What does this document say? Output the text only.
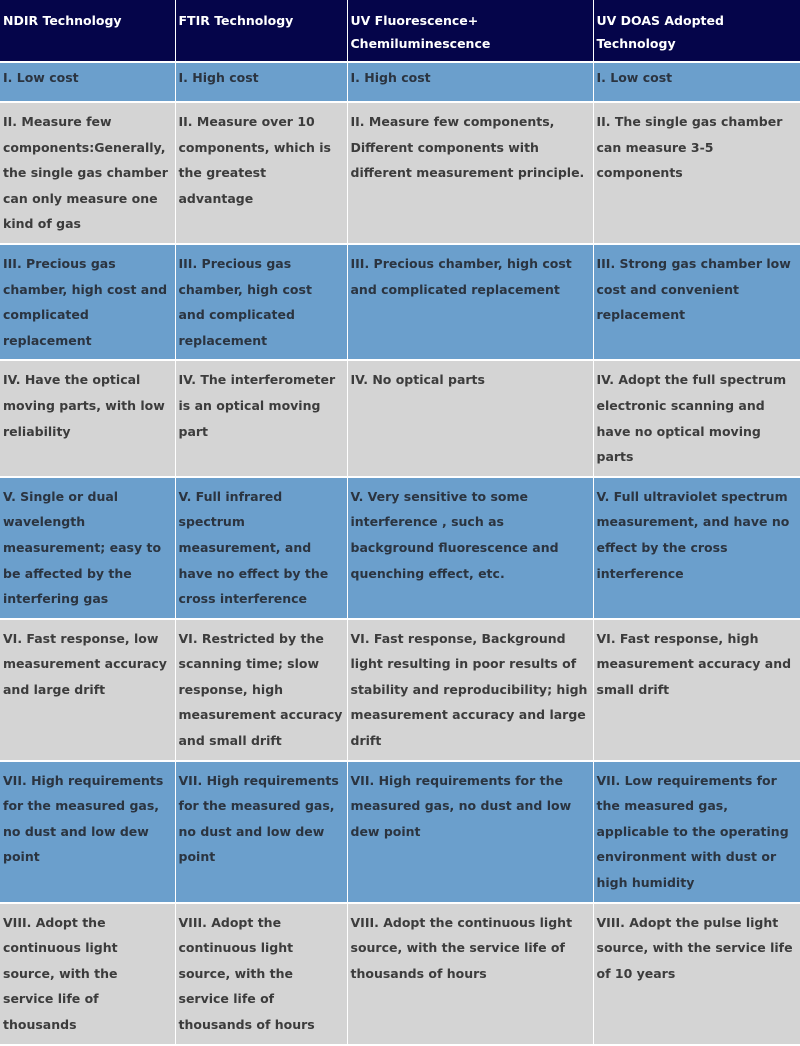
NDIR Technology	FTIR Technology	UV Fluorescence+ Chemiluminescence	UV DOAS Adopted Technology
I. Low cost	I. High cost	I. High cost	I. Low cost
II. Measure few components:Generally, the single gas chamber can only measure one kind of gas	II. Measure over 10 components, which is the greatest advantage	II. Measure few components, Different components with different measurement principle.	II. The single gas chamber can measure 3-5 components
III. Precious gas chamber, high cost and complicated replacement	III. Precious gas chamber, high cost and complicated replacement	III. Precious chamber, high cost and complicated replacement	III. Strong gas chamber low cost and convenient replacement
IV. Have the optical moving parts, with low reliability	IV. The interferometer is an optical moving part	IV. No optical parts	IV. Adopt the full spectrum electronic scanning and have no optical moving parts
V. Single or dual wavelength measurement; easy to be affected by the interfering gas	V. Full infrared spectrum measurement, and have no effect by the cross interference	V. Very sensitive to some interference , such as background fluorescence and quenching effect, etc.	V. Full ultraviolet spectrum measurement, and have no effect by the cross interference
VI. Fast response, low measurement accuracy and large drift	VI. Restricted by the scanning time; slow response, high measurement accuracy and small drift	VI. Fast response, Background light resulting in poor results of stability and reproducibility; high measurement accuracy and large drift	VI. Fast response, high measurement accuracy and small drift
VII. High requirements for the measured gas, no dust and low dew point	VII. High requirements for the measured gas, no dust and low dew point	VII. High requirements for the measured gas, no dust and low dew point	VII. Low requirements for the measured gas, applicable to the operating environment with dust or high humidity
VIII. Adopt the continuous light source, with the service life of thousands	VIII. Adopt the continuous light source, with the service life of thousands of hours	VIII. Adopt the continuous light source, with the service life of thousands of hours	VIII. Adopt the pulse light source, with the service life of 10 years
